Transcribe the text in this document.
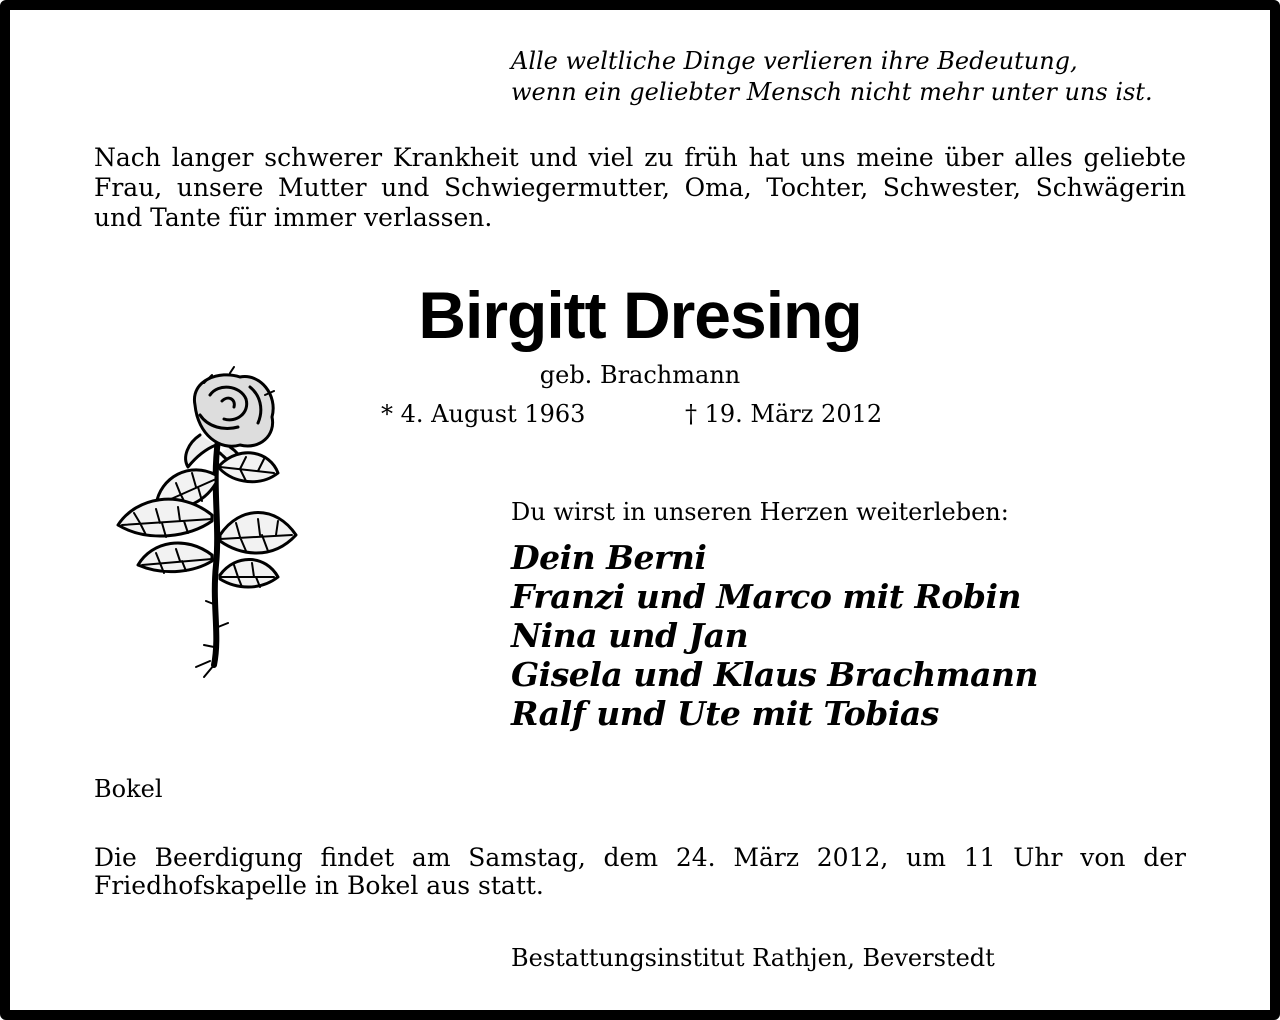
Alle weltliche Dinge verlieren ihre Bedeutung,
wenn ein geliebter Mensch nicht mehr unter uns ist.
Nach langer schwerer Krankheit und viel zu früh hat uns meine über alles geliebte Frau, unsere Mutter und Schwiegermutter, Oma, Tochter, Schwester, Schwägerin und Tante für immer verlassen.
Birgitt Dresing
geb. Brachmann
* 4. August 1963	† 19. März 2012
Du wirst in unseren Herzen weiterleben:
Dein Berni
Franzi und Marco mit Robin
Nina und Jan
Gisela und Klaus Brachmann
Ralf und Ute mit Tobias
Bokel
Die Beerdigung findet am Samstag, dem 24. März 2012, um 11 Uhr von der Friedhofskapelle in Bokel aus statt.
Bestattungsinstitut Rathjen, Beverstedt
